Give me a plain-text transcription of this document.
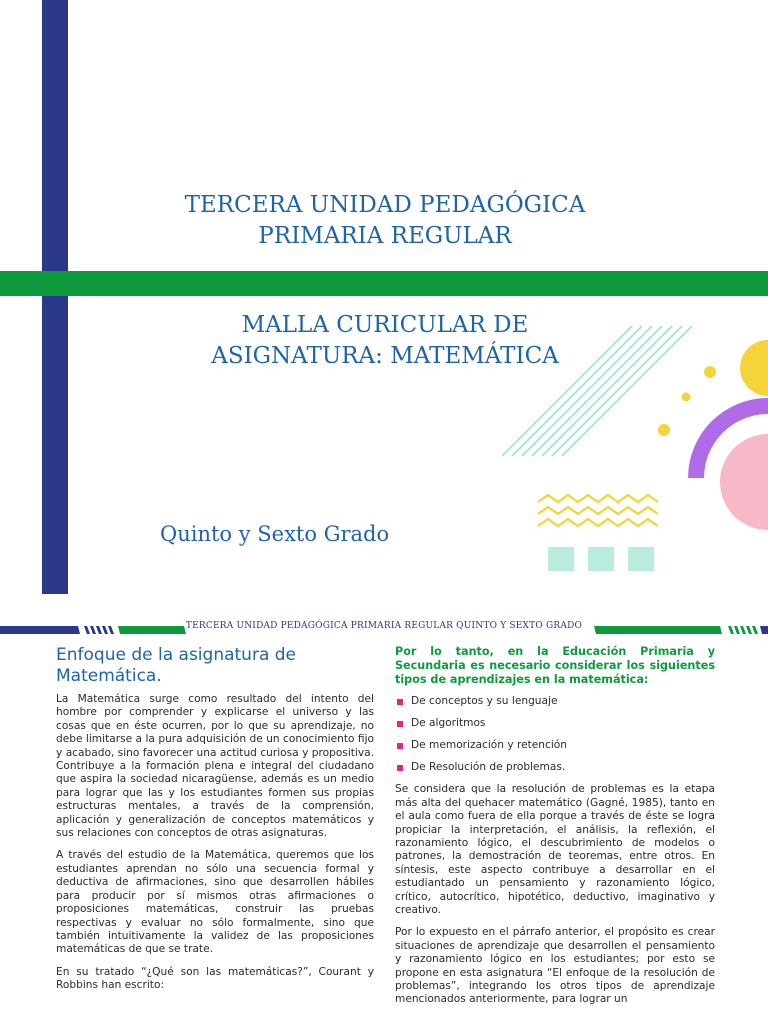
TERCERA UNIDAD PEDAGÓGICA
PRIMARIA REGULAR
MALLA CURICULAR DE
ASIGNATURA: MATEMÁTICA
Quinto y Sexto Grado
TERCERA UNIDAD PEDAGÓGICA PRIMARIA REGULAR QUINTO Y SEXTO GRADO
Enfoque de la asignatura de
Matemática.

La Matemática surge como resultado del intento del hombre por comprender y explicarse el universo y las cosas que en éste ocurren, por lo que su aprendizaje, no debe limitarse a la pura adquisición de un conocimiento fijo y acabado, sino favorecer una actitud curiosa y propositiva. Contribuye a la formación plena e integral del ciudadano que aspira la sociedad nicaragüense, además es un medio para lograr que las y los estudiantes formen sus propias estructuras mentales, a través de la comprensión, aplicación y generalización de conceptos matemáticos y sus relaciones con conceptos de otras asignaturas.

A través del estudio de la Matemática, queremos que los estudiantes aprendan no sólo una secuencia formal y deductiva de afirmaciones, sino que desarrollen hábiles para producir por sí mismos otras afirmaciones o proposiciones matemáticas, construir las pruebas respectivas y evaluar no sólo formalmente, sino que también intuitivamente la validez de las proposiciones matemáticas de que se trate.

En su tratado “¿Qué son las matemáticas?”, Courant y Robbins han escrito:

Por lo tanto, en la Educación Primaria y Secundaria es necesario considerar los siguientes tipos de aprendizajes en la matemática:

De conceptos y su lenguaje
De algoritmos
De memorización y retención
De Resolución de problemas.

Se considera que la resolución de problemas es la etapa más alta del quehacer matemático (Gagné, 1985), tanto en el aula como fuera de ella porque a través de éste se logra propiciar la interpretación, el análisis, la reflexión, el razonamiento lógico, el descubrimiento de modelos o patrones, la demostración de teoremas, entre otros. En síntesis, este aspecto contribuye a desarrollar en el estudiantado un pensamiento y razonamiento lógico, crítico, autocrítico, hipotético, deductivo, imaginativo y creativo.

Por lo expuesto en el párrafo anterior, el propósito es crear situaciones de aprendizaje que desarrollen el pensamiento y razonamiento lógico en los estudiantes; por esto se propone en esta asignatura “El enfoque de la resolución de problemas”, integrando los otros tipos de aprendizaje mencionados anteriormente, para lograr un
